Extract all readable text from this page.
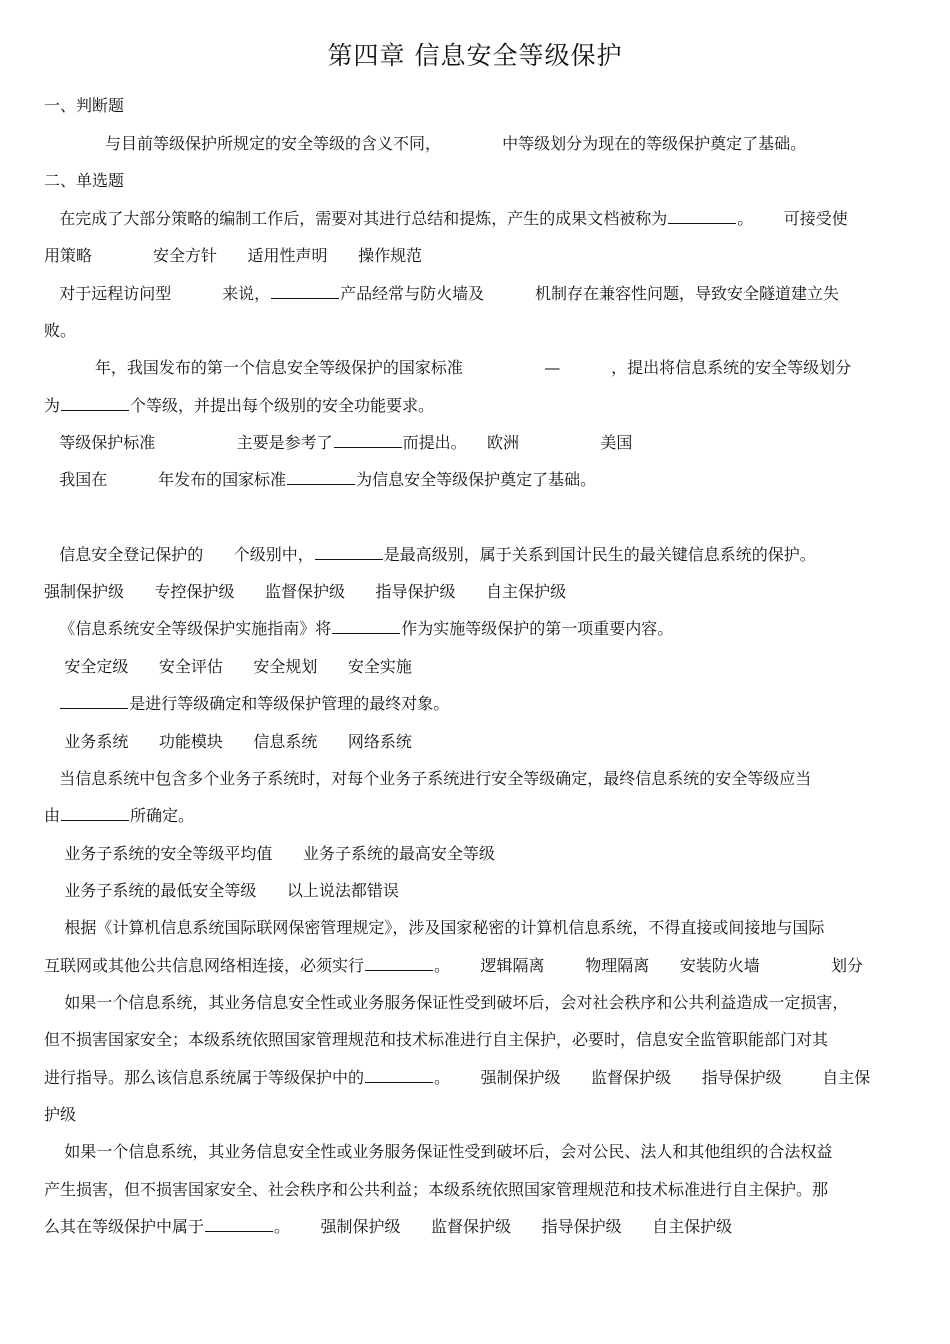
第四章 信息安全等级保护

一、判断题

与目前等级保护所规定的安全等级的含义不同，            中等级划分为现在的等级保护奠定了基础。

二、单选题

在完成了大部分策略的编制工作后，需要对其进行总结和提炼，产生的成果文档被称为	。      可接受使

用策略            安全方针      适用性声明      操作规范

对于远程访问型          来说，	产品经常与防火墙及          机制存在兼容性问题，导致安全隧道建立失

败。

年，我国发布的第一个信息安全等级保护的国家标准                —          ，提出将信息系统的安全等级划分

为	个等级，并提出每个级别的安全功能要求。

等级保护标准                主要是参考了	而提出。    欧洲                美国

我国在          年发布的国家标准	为信息安全等级保护奠定了基础。

信息安全登记保护的      个级别中，	是最高级别，属于关系到国计民生的最关键信息系统的保护。

强制保护级      专控保护级      监督保护级      指导保护级      自主保护级

《信息系统安全等级保护实施指南》将	作为实施等级保护的第一项重要内容。

安全定级      安全评估      安全规划      安全实施

是进行等级确定和等级保护管理的最终对象。

业务系统      功能模块      信息系统      网络系统

当信息系统中包含多个业务子系统时，对每个业务子系统进行安全等级确定，最终信息系统的安全等级应当

由	所确定。

业务子系统的安全等级平均值      业务子系统的最高安全等级

业务子系统的最低安全等级      以上说法都错误

根据《计算机信息系统国际联网保密管理规定》，涉及国家秘密的计算机信息系统，不得直接或间接地与国际

互联网或其他公共信息网络相连接，必须实行	。      逻辑隔离        物理隔离      安装防火墙              划分

如果一个信息系统，其业务信息安全性或业务服务保证性受到破坏后，会对社会秩序和公共利益造成一定损害，

但不损害国家安全；本级系统依照国家管理规范和技术标准进行自主保护，必要时，信息安全监管职能部门对其

进行指导。那么该信息系统属于等级保护中的	。      强制保护级      监督保护级      指导保护级        自主保

护级

如果一个信息系统，其业务信息安全性或业务服务保证性受到破坏后，会对公民、法人和其他组织的合法权益

产生损害，但不损害国家安全、社会秩序和公共利益；本级系统依照国家管理规范和技术标准进行自主保护。那

么其在等级保护中属于	。      强制保护级      监督保护级      指导保护级      自主保护级
